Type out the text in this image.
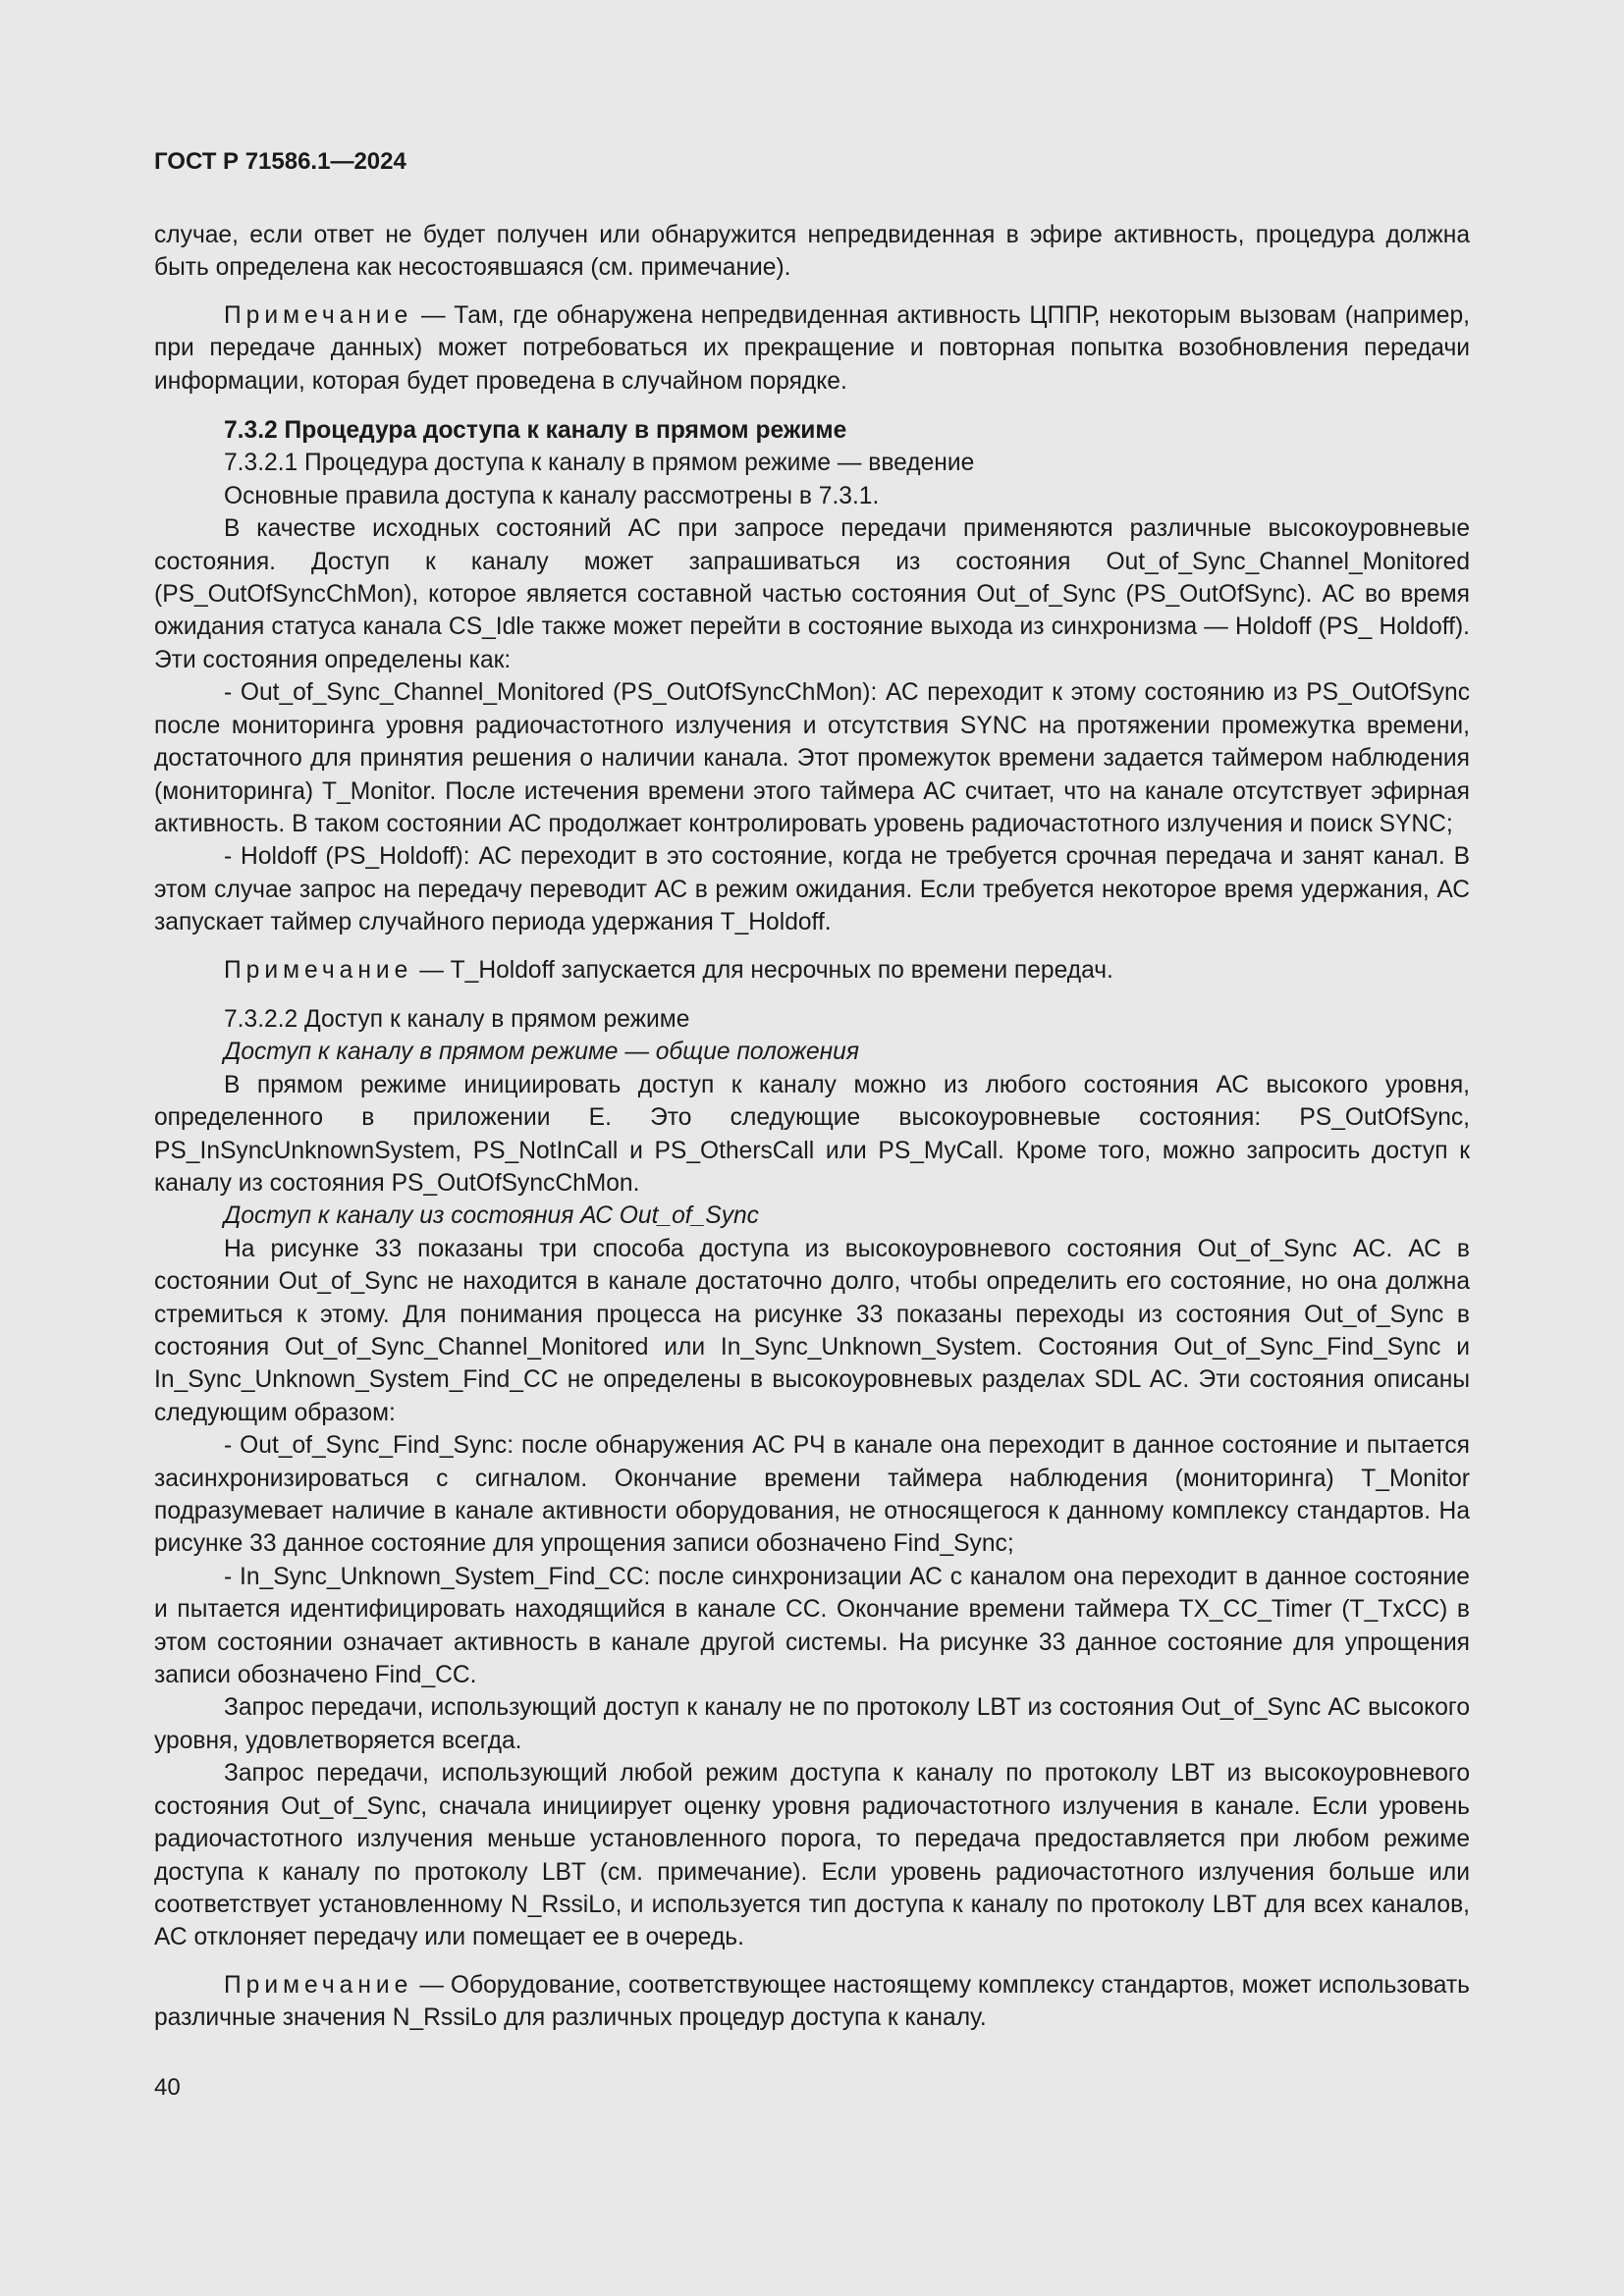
ГОСТ Р 71586.1—2024

случае, если ответ не будет получен или обнаружится непредвиденная в эфире активность, процедура должна быть определена как несостоявшаяся (см. примечание).

Примечание — Там, где обнаружена непредвиденная активность ЦППР, некоторым вызовам (например, при передаче данных) может потребоваться их прекращение и повторная попытка возобновления передачи информации, которая будет проведена в случайном порядке.

7.3.2 Процедура доступа к каналу в прямом режиме

7.3.2.1 Процедура доступа к каналу в прямом режиме — введение

Основные правила доступа к каналу рассмотрены в 7.3.1.

В качестве исходных состояний АС при запросе передачи применяются различные высокоуровневые состояния. Доступ к каналу может запрашиваться из состояния Out_of_Sync_Channel_Monitored (PS_OutOfSyncChMon), которое является составной частью состояния Out_of_Sync (PS_OutOfSync). АС во время ожидания статуса канала CS_Idle также может перейти в состояние выхода из синхронизма — Holdoff (PS_ Holdoff). Эти состояния определены как:

- Out_of_Sync_Channel_Monitored (PS_OutOfSyncChMon): АС переходит к этому состоянию из PS_OutOfSync после мониторинга уровня радиочастотного излучения и отсутствия SYNC на протяжении промежутка времени, достаточного для принятия решения о наличии канала. Этот промежуток времени задается таймером наблюдения (мониторинга) T_Monitor. После истечения времени этого таймера АС считает, что на канале отсутствует эфирная активность. В таком состоянии АС продолжает контролировать уровень радиочастотного излучения и поиск SYNC;

- Holdoff (PS_Holdoff): АС переходит в это состояние, когда не требуется срочная передача и занят канал. В этом случае запрос на передачу переводит АС в режим ожидания. Если требуется некоторое время удержания, АС запускает таймер случайного периода удержания T_Holdoff.

Примечание — T_Holdoff запускается для несрочных по времени передач.

7.3.2.2 Доступ к каналу в прямом режиме

Доступ к каналу в прямом режиме — общие положения

В прямом режиме инициировать доступ к каналу можно из любого состояния АС высокого уровня, определенного в приложении Е. Это следующие высокоуровневые состояния: PS_OutOfSync, PS_InSyncUnknownSystem, PS_NotInCall и PS_OthersCall или PS_MyCall. Кроме того, можно запросить доступ к каналу из состояния PS_OutOfSyncChMon.

Доступ к каналу из состояния АС Out_of_Sync

На рисунке 33 показаны три способа доступа из высокоуровневого состояния Out_of_Sync АС. АС в состоянии Out_of_Sync не находится в канале достаточно долго, чтобы определить его состояние, но она должна стремиться к этому. Для понимания процесса на рисунке 33 показаны переходы из состояния Out_of_Sync в состояния Out_of_Sync_Channel_Monitored или In_Sync_Unknown_System. Состояния Out_of_Sync_Find_Sync и In_Sync_Unknown_System_Find_CC не определены в высокоуровневых разделах SDL АС. Эти состояния описаны следующим образом:

- Out_of_Sync_Find_Sync: после обнаружения АС РЧ в канале она переходит в данное состояние и пытается засинхронизироваться с сигналом. Окончание времени таймера наблюдения (мониторинга) T_Monitor подразумевает наличие в канале активности оборудования, не относящегося к данному комплексу стандартов. На рисунке 33 данное состояние для упрощения записи обозначено Find_Sync;

- In_Sync_Unknown_System_Find_CC: после синхронизации АС с каналом она переходит в данное состояние и пытается идентифицировать находящийся в канале СС. Окончание времени таймера TX_CC_Timer (T_TxCC) в этом состоянии означает активность в канале другой системы. На рисунке 33 данное состояние для упрощения записи обозначено Find_CC.

Запрос передачи, использующий доступ к каналу не по протоколу LBT из состояния Out_of_Sync АС высокого уровня, удовлетворяется всегда.

Запрос передачи, использующий любой режим доступа к каналу по протоколу LBT из высокоуровневого состояния Out_of_Sync, сначала инициирует оценку уровня радиочастотного излучения в канале. Если уровень радиочастотного излучения меньше установленного порога, то передача предоставляется при любом режиме доступа к каналу по протоколу LBT (см. примечание). Если уровень радиочастотного излучения больше или соответствует установленному N_RssiLo, и используется тип доступа к каналу по протоколу LBT для всех каналов, АС отклоняет передачу или помещает ее в очередь.

Примечание — Оборудование, соответствующее настоящему комплексу стандартов, может использовать различные значения N_RssiLo для различных процедур доступа к каналу.

40
